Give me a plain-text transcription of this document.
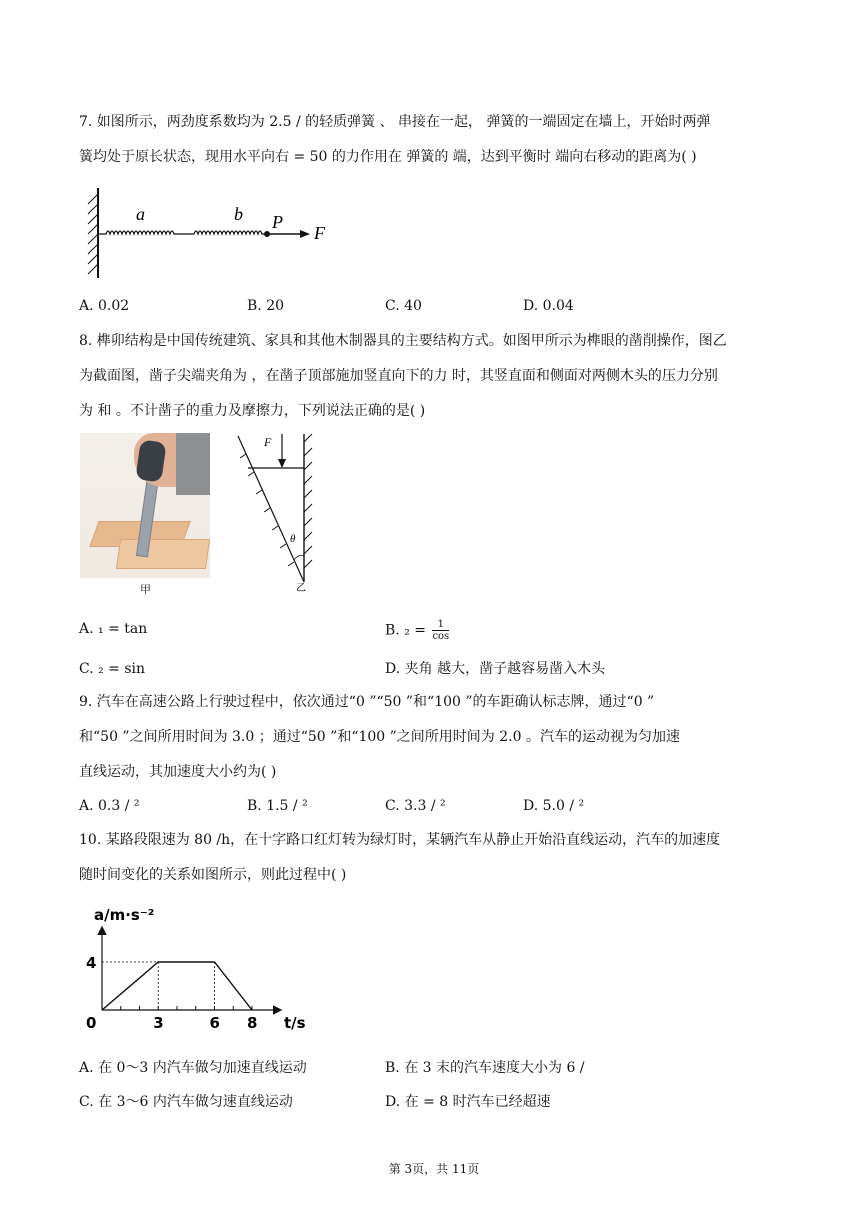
7. 如图所示，两劲度系数均为 2.5 / 的轻质弹簧 、 串接在一起， 弹簧的一端固定在墙上，开始时两弹
簧均处于原长状态，现用水平向右 = 50 的力作用在 弹簧的 端，达到平衡时 端向右移动的距离为( )
a	b P
F
A. 0.02	B. 20	C. 40	D. 0.04
8. 榫卯结构是中国传统建筑、家具和其他木制器具的主要结构方式。如图甲所示为榫眼的凿削操作，图乙
为截面图，凿子尖端夹角为 ，在凿子顶部施加竖直向下的力 时，其竖直面和侧面对两侧木头的压力分别
为 和 。不计凿子的重力及摩擦力，下列说法正确的是( )
甲
F
θ
乙
A. ₁ = tan	B. $_2 = \frac{1}{\cos}$
C. ₂ = sin	D. 夹角 越大，凿子越容易凿入木头
9. 汽车在高速公路上行驶过程中，依次通过“0 ”“50 ”和“100 ”的车距确认标志牌，通过“0 ”
和“50 ”之间所用时间为 3.0 ；通过“50 ”和“100 ”之间所用时间为 2.0 。汽车的运动视为匀加速
直线运动，其加速度大小约为( )
A. 0.3 / ²	B. 1.5 / ²	C. 3.3 / ²	D. 5.0 / ²
10. 某路段限速为 80 /h，在十字路口红灯转为绿灯时，某辆汽车从静止开始沿直线运动，汽车的加速度
随时间变化的关系如图所示，则此过程中( )
0	3	6 8
4
a/m·s⁻²
t/s
A. 在 0～3 内汽车做匀加速直线运动	B. 在 3 末的汽车速度大小为 6 /
C. 在 3～6 内汽车做匀速直线运动	D. 在 = 8 时汽车已经超速
第 3页，共 11页
